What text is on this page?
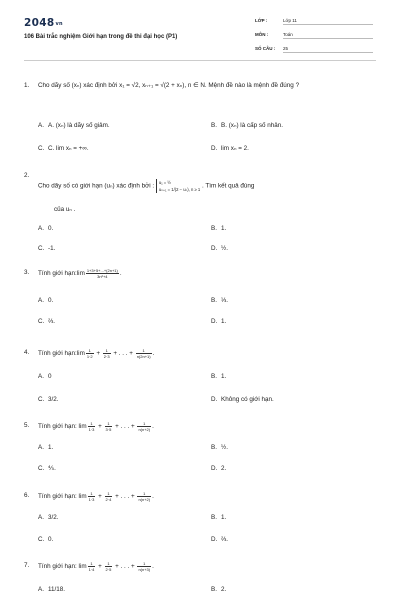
2048vn
106 Bài trắc nghiệm Giới hạn trong đề thi đại học (P1)
LỚP :	Lớp 11
MÔN :	Toán
SỐ CÂU : 25
1.	Cho dãy số (xₙ) xác định bởi x₁ = √2, xₙ₊₁ = √(2 + xₙ), n ∈ N. Mệnh đề nào là mệnh đề đúng ?
A. A. (xₙ) là dãy số giảm.	B. B. (xₙ) là cấp số nhân.
C. C. lim xₙ = +∞.	D. lim xₙ = 2.
2.
Cho dãy số có giới hạn (uₙ) xác định bởi : u₁ = ½
uₙ₊₁ = 1/(2 − uₙ), n ≥ 1 . Tìm kết quả đúng
của uₙ .
A. 0.	B. 1.
C. -1.	D. ½.
3.	Tính giới hạn:lim $\frac{1+3+5+...+(2n+1)}{\text{3n²+4}}$ .
A. 0.	B. ⅓.
C. ⅔.	D. 1.
4.	Tính giới hạn:lim $\frac{1}{1\cdot 2} + \frac{1}{2\cdot 3}$ + . . . + $\frac{1}{n(2n+1)}$ .
A. 0	B. 1.
C. 3/2.	D. Không có giới hạn.
5.	Tính giới hạn: $\lim \frac{1}{1\cdot 3} + \frac{1}{3\cdot 5}$ + . . . + $\frac{1}{n(n+2)}$ .
A. 1.	B. ½.
C. ⅘.	D. 2.
6.	Tính giới hạn: $\lim \frac{1}{1\cdot 3} + \frac{1}{2\cdot 4}$ + . . . + $\frac{1}{n(n+2)}$ .
A. 3/2.	B. 1.
C. 0.	D. ⅔.
7.	Tính giới hạn: $\lim \frac{1}{1\cdot 4} + \frac{1}{2\cdot 5}$ + . . . + $\frac{1}{n(n+3)}$ .
A. 11/18.	B. 2.
